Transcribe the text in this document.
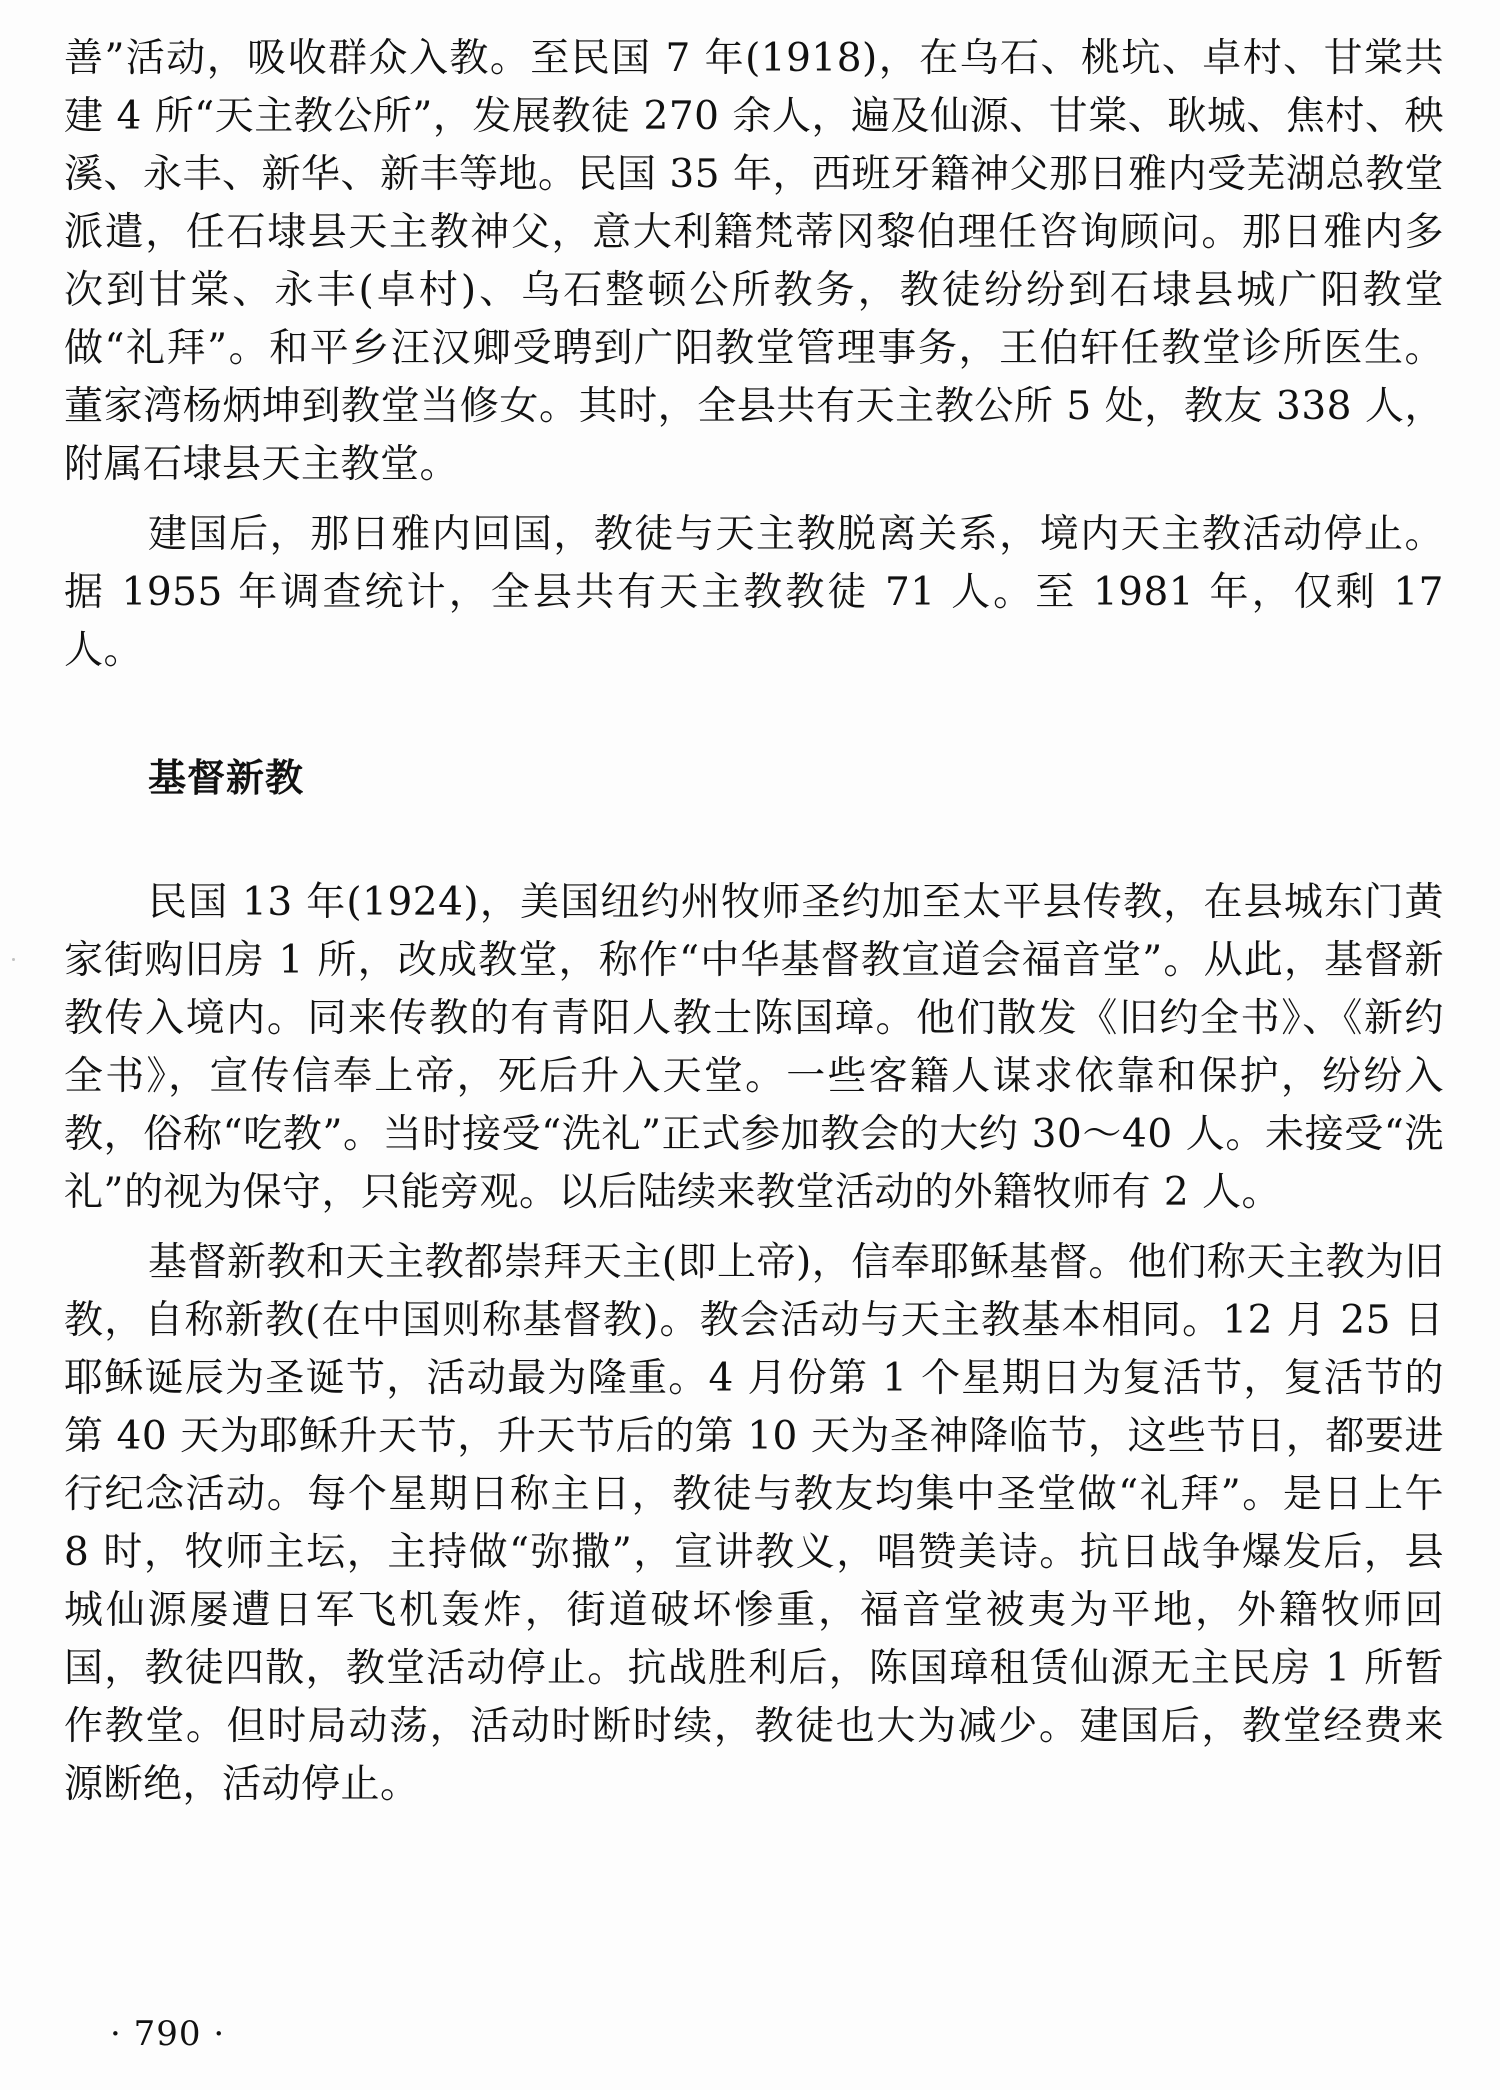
善”活动，吸收群众入教。至民国 7 年(1918)，在乌石、桃坑、卓村、甘棠共建 4 所“天主教公所”，发展教徒 270 余人，遍及仙源、甘棠、耿城、焦村、秧溪、永丰、新华、新丰等地。民国 35 年，西班牙籍神父那日雅内受芜湖总教堂派遣，任石埭县天主教神父，意大利籍梵蒂冈黎伯理任咨询顾问。那日雅内多次到甘棠、永丰(卓村)、乌石整顿公所教务，教徒纷纷到石埭县城广阳教堂做“礼拜”。和平乡汪汉卿受聘到广阳教堂管理事务，王伯轩任教堂诊所医生。董家湾杨炳坤到教堂当修女。其时，全县共有天主教公所 5 处，教友 338 人，附属石埭县天主教堂。

建国后，那日雅内回国，教徒与天主教脱离关系，境内天主教活动停止。据 1955 年调查统计，全县共有天主教教徒 71 人。至 1981 年，仅剩 17 人。

基督新教

民国 13 年(1924)，美国纽约州牧师圣约加至太平县传教，在县城东门黄家街购旧房 1 所，改成教堂，称作“中华基督教宣道会福音堂”。从此，基督新教传入境内。同来传教的有青阳人教士陈国璋。他们散发《旧约全书》、《新约全书》，宣传信奉上帝，死后升入天堂。一些客籍人谋求依靠和保护，纷纷入教，俗称“吃教”。当时接受“洗礼”正式参加教会的大约 30～40 人。未接受“洗礼”的视为保守，只能旁观。以后陆续来教堂活动的外籍牧师有 2 人。

基督新教和天主教都崇拜天主(即上帝)，信奉耶稣基督。他们称天主教为旧教，自称新教(在中国则称基督教)。教会活动与天主教基本相同。12 月 25 日耶稣诞辰为圣诞节，活动最为隆重。4 月份第 1 个星期日为复活节，复活节的第 40 天为耶稣升天节，升天节后的第 10 天为圣神降临节，这些节日，都要进行纪念活动。每个星期日称主日，教徒与教友均集中圣堂做“礼拜”。是日上午 8 时，牧师主坛，主持做“弥撒”，宣讲教义，唱赞美诗。抗日战争爆发后，县城仙源屡遭日军飞机轰炸，街道破坏惨重，福音堂被夷为平地，外籍牧师回国，教徒四散，教堂活动停止。抗战胜利后，陈国璋租赁仙源无主民房 1 所暂作教堂。但时局动荡，活动时断时续，教徒也大为减少。建国后，教堂经费来源断绝，活动停止。

· 790 ·
